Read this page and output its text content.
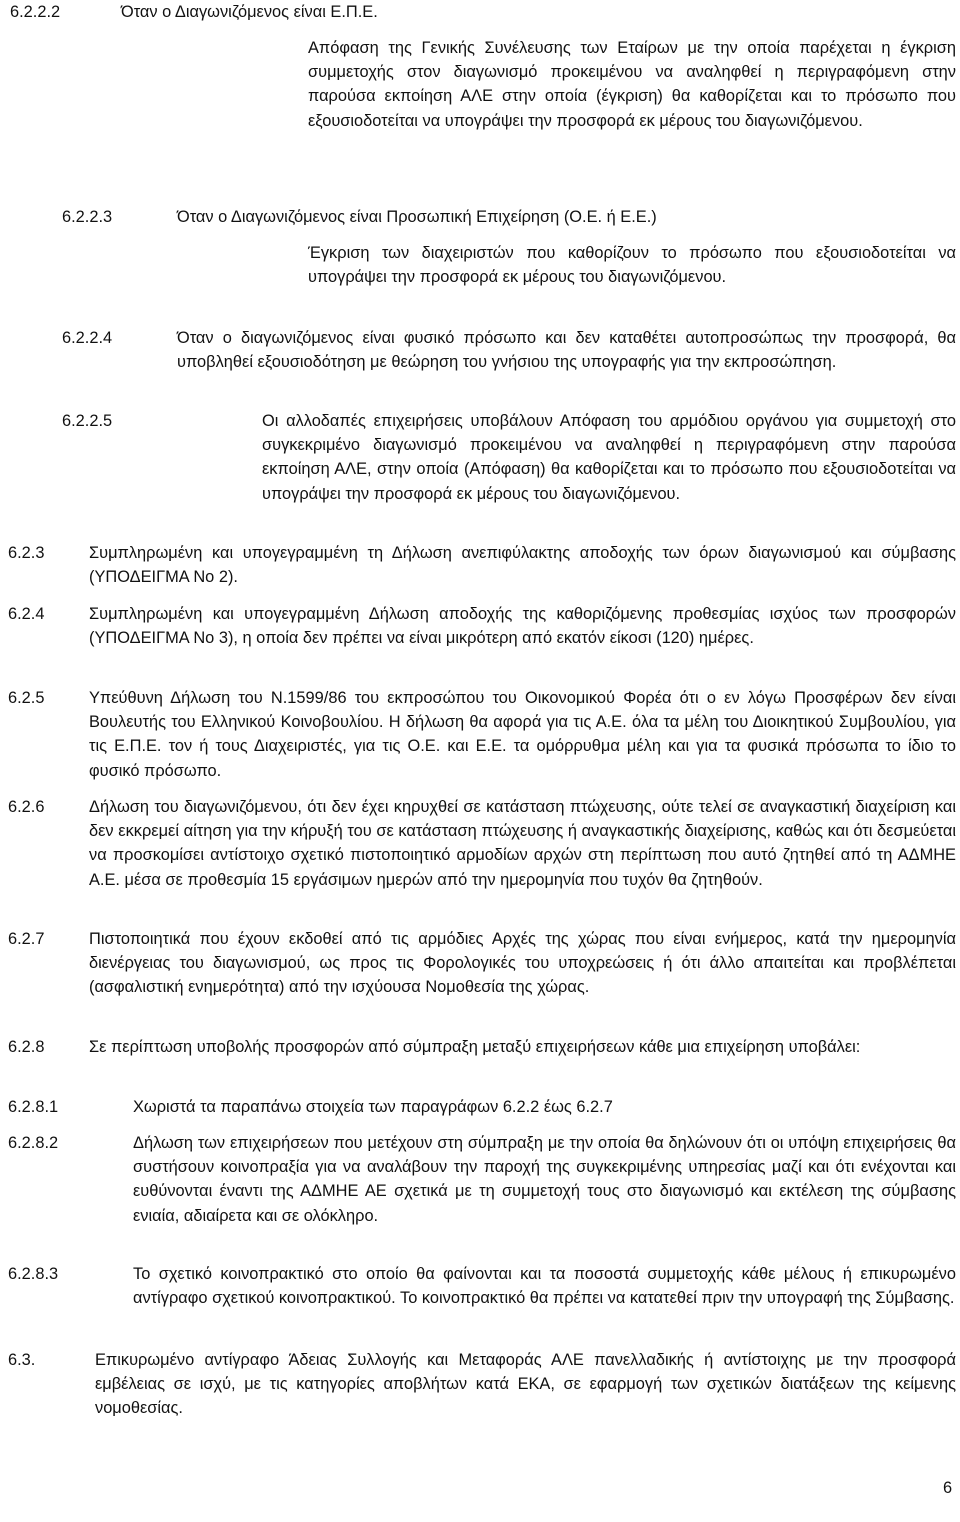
6.2.2.2	Όταν ο Διαγωνιζόμενος είναι Ε.Π.Ε.
Απόφαση της Γενικής Συνέλευσης των Εταίρων με την οποία παρέχεται η έγκριση συμμετοχής στον διαγωνισμό προκειμένου να αναληφθεί η περιγραφόμενη στην παρούσα εκποίηση ΑΛΕ στην οποία (έγκριση) θα καθορίζεται και το πρόσωπο που εξουσιοδοτείται να υπογράψει την προσφορά εκ μέρους του διαγωνιζόμενου.
6.2.2.3	Όταν ο Διαγωνιζόμενος είναι Προσωπική Επιχείρηση (Ο.Ε. ή Ε.Ε.)
Έγκριση των διαχειριστών που καθορίζουν το πρόσωπο που εξουσιοδοτείται να υπογράψει την προσφορά εκ μέρους του διαγωνιζόμενου.
6.2.2.4	Όταν ο διαγωνιζόμενος είναι φυσικό πρόσωπο και δεν καταθέτει αυτοπροσώπως την προσφορά, θα υποβληθεί εξουσιοδότηση με θεώρηση του γνήσιου της υπογραφής για την εκπροσώπηση.
6.2.2.5	Οι αλλοδαπές επιχειρήσεις υποβάλουν Απόφαση του αρμόδιου οργάνου για συμμετοχή στο συγκεκριμένο διαγωνισμό προκειμένου να αναληφθεί η περιγραφόμενη στην παρούσα εκποίηση ΑΛΕ, στην οποία (Απόφαση) θα καθορίζεται και το πρόσωπο που εξουσιοδοτείται να υπογράψει την προσφορά εκ μέρους του διαγωνιζόμενου.
6.2.3	Συμπληρωμένη και υπογεγραμμένη τη Δήλωση ανεπιφύλακτης αποδοχής των όρων διαγωνισμού και σύμβασης (ΥΠΟΔΕΙΓΜΑ Νο 2).
6.2.4	Συμπληρωμένη και υπογεγραμμένη Δήλωση αποδοχής της καθοριζόμενης προθεσμίας ισχύος των προσφορών (ΥΠΟΔΕΙΓΜΑ Νο 3), η οποία δεν πρέπει να είναι μικρότερη από εκατόν είκοσι (120) ημέρες.
6.2.5	Υπεύθυνη Δήλωση του Ν.1599/86 του εκπροσώπου του Οικονομικού Φορέα ότι ο εν λόγω Προσφέρων δεν είναι Βουλευτής του Ελληνικού Κοινοβουλίου. Η δήλωση θα αφορά για τις Α.Ε. όλα τα μέλη του Διοικητικού Συμβουλίου, για τις Ε.Π.Ε. τον ή τους Διαχειριστές, για τις Ο.Ε. και Ε.Ε. τα ομόρρυθμα μέλη και για τα φυσικά πρόσωπα το ίδιο το φυσικό πρόσωπο.
6.2.6	Δήλωση του διαγωνιζόμενου, ότι δεν έχει κηρυχθεί σε κατάσταση πτώχευσης, ούτε τελεί σε αναγκαστική διαχείριση και δεν εκκρεμεί αίτηση για την κήρυξή του σε κατάσταση πτώχευσης ή αναγκαστικής διαχείρισης, καθώς και ότι δεσμεύεται να προσκομίσει αντίστοιχο σχετικό πιστοποιητικό αρμοδίων αρχών στη περίπτωση που αυτό ζητηθεί από τη ΑΔΜΗΕ Α.Ε. μέσα σε προθεσμία 15 εργάσιμων ημερών από την ημερομηνία που τυχόν θα ζητηθούν.
6.2.7	Πιστοποιητικά που έχουν εκδοθεί από τις αρμόδιες Αρχές της χώρας που είναι ενήμερος, κατά την ημερομηνία διενέργειας του διαγωνισμού, ως προς τις Φορολογικές του υποχρεώσεις ή ότι άλλο απαιτείται και προβλέπεται (ασφαλιστική ενημερότητα) από την ισχύουσα Νομοθεσία της χώρας.
6.2.8	Σε περίπτωση υποβολής προσφορών από σύμπραξη μεταξύ επιχειρήσεων κάθε μια επιχείρηση υποβάλει:
6.2.8.1	Χωριστά τα παραπάνω στοιχεία των παραγράφων 6.2.2 έως 6.2.7
6.2.8.2	Δήλωση των επιχειρήσεων που μετέχουν στη σύμπραξη με την οποία θα δηλώνουν ότι οι υπόψη επιχειρήσεις θα συστήσουν κοινοπραξία για να αναλάβουν την παροχή της συγκεκριμένης υπηρεσίας μαζί και ότι ενέχονται και ευθύνονται έναντι της ΑΔΜΗΕ ΑΕ σχετικά με τη συμμετοχή τους στο διαγωνισμό και εκτέλεση της σύμβασης ενιαία, αδιαίρετα και σε ολόκληρο.
6.2.8.3	Το σχετικό κοινοπρακτικό στο οποίο θα φαίνονται και τα ποσοστά συμμετοχής κάθε μέλους ή επικυρωμένο αντίγραφο σχετικού κοινοπρακτικού. Το κοινοπρακτικό θα πρέπει να κατατεθεί πριν την υπογραφή της Σύμβασης.
6.3.	Επικυρωμένο αντίγραφο Άδειας Συλλογής και Μεταφοράς ΑΛΕ πανελλαδικής ή αντίστοιχης με την προσφορά εμβέλειας σε ισχύ, με τις κατηγορίες αποβλήτων κατά ΕΚΑ, σε εφαρμογή των σχετικών διατάξεων της κείμενης νομοθεσίας.
6
